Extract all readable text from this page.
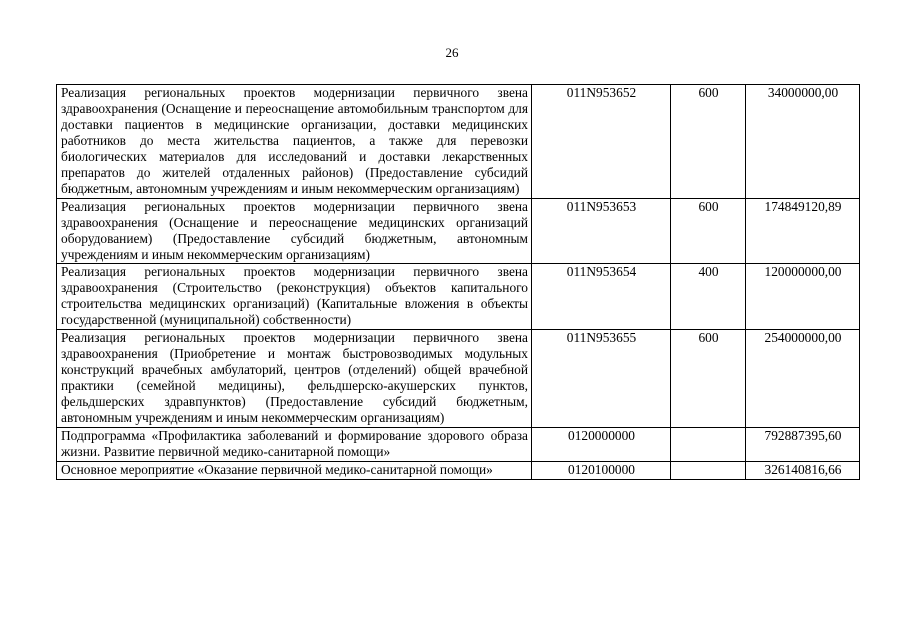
26
Реализация региональных проектов модернизации первичного звена здравоохранения (Оснащение и переоснащение автомобильным транспортом для доставки пациентов в медицинские организации, доставки медицинских работников до места жительства пациентов, а также для перевозки биологических материалов для исследований и доставки лекарственных препаратов до жителей отдаленных районов) (Предоставление субсидий бюджетным, автономным учреждениям и иным некоммерческим организациям)	011N953652	600	34000000,00
Реализация региональных проектов модернизации первичного звена здравоохранения (Оснащение и переоснащение медицинских организаций оборудованием) (Предоставление субсидий бюджетным, автономным учреждениям и иным некоммерческим организациям)	011N953653	600	174849120,89
Реализация региональных проектов модернизации первичного звена здравоохранения (Строительство (реконструкция) объектов капитального строительства медицинских организаций) (Капитальные вложения в объекты государственной (муниципальной) собственности)	011N953654	400	120000000,00
Реализация региональных проектов модернизации первичного звена здравоохранения (Приобретение и монтаж быстровозводимых модульных конструкций врачебных амбулаторий, центров (отделений) общей врачебной практики (семейной медицины), фельдшерско-акушерских пунктов, фельдшерских здравпунктов) (Предоставление субсидий бюджетным, автономным учреждениям и иным некоммерческим организациям)	011N953655	600	254000000,00
Подпрограмма «Профилактика заболеваний и формирование здорового образа жизни. Развитие первичной медико-санитарной помощи»	0120000000		792887395,60
Основное мероприятие «Оказание первичной медико-санитарной помощи»	0120100000		326140816,66
